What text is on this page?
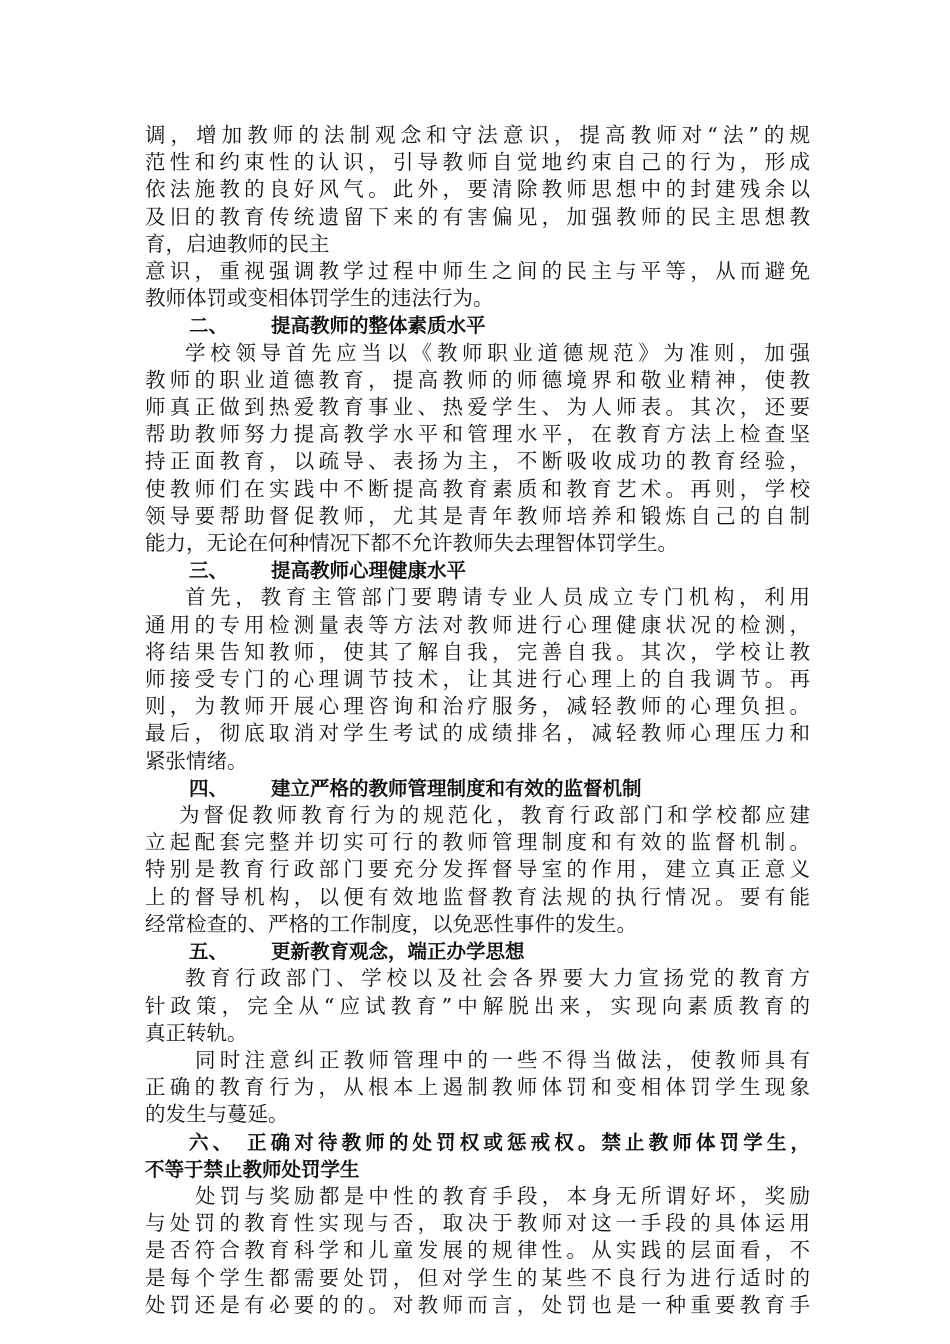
调，增加教师的法制观念和守法意识，提高教师对“法”的规
范性和约束性的认识，引导教师自觉地约束自己的行为，形成
依法施教的良好风气。此外，要清除教师思想中的封建残余以
及旧的教育传统遗留下来的有害偏见，加强教师的民主思想教
育，启迪教师的民主
意识，重视强调教学过程中师生之间的民主与平等，从而避免
教师体罚或变相体罚学生的违法行为。

二、 提高教师的整体素质水平

学校领导首先应当以《教师职业道德规范》为准则，加强
教师的职业道德教育，提高教师的师德境界和敬业精神，使教
师真正做到热爱教育事业、热爱学生、为人师表。其次，还要
帮助教师努力提高教学水平和管理水平，在教育方法上检查坚
持正面教育，以疏导、表扬为主，不断吸收成功的教育经验，
使教师们在实践中不断提高教育素质和教育艺术。再则，学校
领导要帮助督促教师，尤其是青年教师培养和锻炼自己的自制
能力，无论在何种情况下都不允许教师失去理智体罚学生。

三、 提高教师心理健康水平

首先，教育主管部门要聘请专业人员成立专门机构，利用
通用的专用检测量表等方法对教师进行心理健康状况的检测，
将结果告知教师，使其了解自我，完善自我。其次，学校让教
师接受专门的心理调节技术，让其进行心理上的自我调节。再
则，为教师开展心理咨询和治疗服务，减轻教师的心理负担。
最后，彻底取消对学生考试的成绩排名，减轻教师心理压力和
紧张情绪。

四、 建立严格的教师管理制度和有效的监督机制

为督促教师教育行为的规范化，教育行政部门和学校都应建
立起配套完整并切实可行的教师管理制度和有效的监督机制。
特别是教育行政部门要充分发挥督导室的作用，建立真正意义
上的督导机构，以便有效地监督教育法规的执行情况。要有能
经常检查的、严格的工作制度，以免恶性事件的发生。

五、 更新教育观念，端正办学思想

教育行政部门、学校以及社会各界要大力宣扬党的教育方
针政策，完全从“应试教育”中解脱出来，实现向素质教育的
真正转轨。

同时注意纠正教师管理中的一些不得当做法，使教师具有
正确的教育行为，从根本上遏制教师体罚和变相体罚学生现象
的发生与蔓延。

六、 正确对待教师的处罚权或惩戒权。禁止教师体罚学生，
不等于禁止教师处罚学生

处罚与奖励都是中性的教育手段，本身无所谓好坏，奖励
与处罚的教育性实现与否，取决于教师对这一手段的具体运用
是否符合教育科学和儿童发展的规律性。从实践的层面看，不
是每个学生都需要处罚，但对学生的某些不良行为进行适时的
处罚还是有必要的的。对教师而言，处罚也是一种重要教育手
